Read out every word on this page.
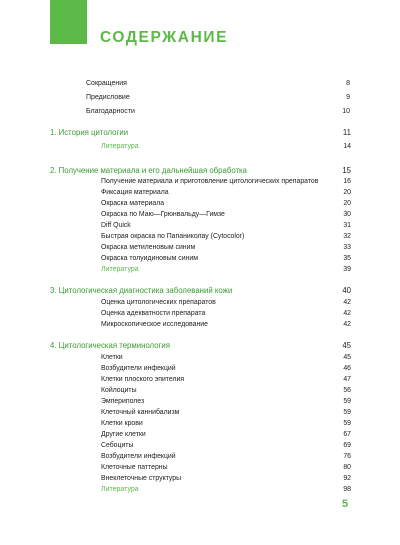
СОДЕРЖАНИЕ
Сокращения	8
Предисловие	9
Благодарности	10
1. История цитологии	11
Литература	14
2. Получение материала и его дальнейшая обработка	15
Получение материала и приготовление цитологических препаратов	16
Фиксация материала	20
Окраска материала	20
Окраска по Маю—Грюнвальду—Гимзе	30
Diff Quick	31
Быстрая окраска по Папаниколау (Cytocolor)	32
Окраска метиленовым синим	33
Окраска толуидиновым синим	35
Литература	39
3. Цитологическая диагностика заболеваний кожи	40
Оценка цитологических препаратов	42
Оценка адекватности препарата	42
Микроскопическое исследование	42
4. Цитологическая терминология	45
Клетки	45
Возбудители инфекций	46
Клетки плоского эпителия	47
Койлоциты	56
Эмпериполез	59
Клеточный каннибализм	59
Клетки крови	59
Другие клетки	67
Себоциты	69
Возбудители инфекций	76
Клеточные паттерны	80
Внеклеточные структуры	92
Литература	98
5
